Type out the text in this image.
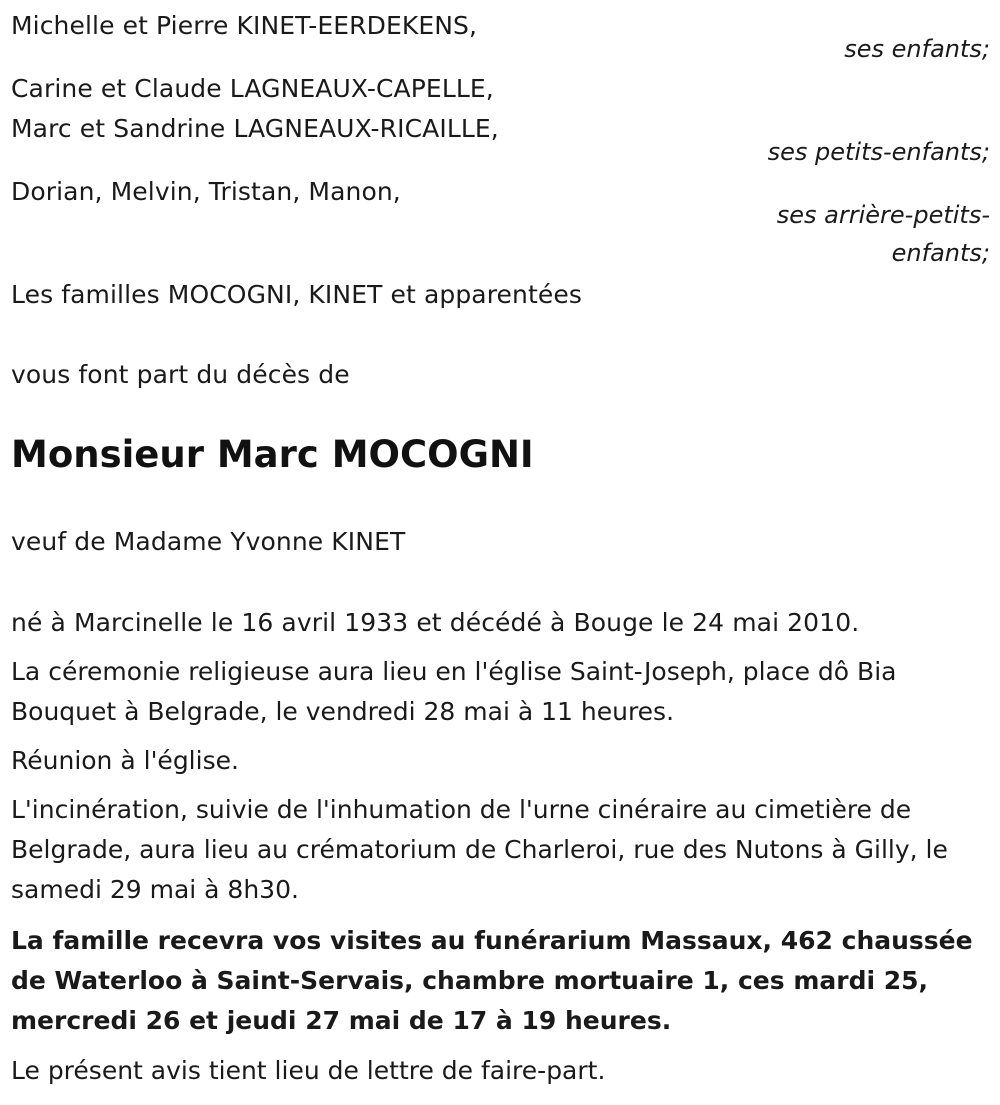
Michelle et Pierre KINET-EERDEKENS,
ses enfants;
Carine et Claude LAGNEAUX-CAPELLE,
Marc et Sandrine LAGNEAUX-RICAILLE,
ses petits-enfants;
Dorian, Melvin, Tristan, Manon,
ses arrière-petits-enfants;
Les familles MOCOGNI, KINET et apparentées
vous font part du décès de
Monsieur Marc MOCOGNI
veuf de Madame Yvonne KINET
né à Marcinelle le 16 avril 1933 et décédé à Bouge le 24 mai 2010.
La céremonie religieuse aura lieu en l'église Saint-Joseph, place dô Bia Bouquet à Belgrade, le vendredi 28 mai à 11 heures.
Réunion à l'église.
L'incinération, suivie de l'inhumation de l'urne cinéraire au cimetière de Belgrade, aura lieu au crématorium de Charleroi, rue des Nutons à Gilly, le samedi 29 mai à 8h30.
La famille recevra vos visites au funérarium Massaux, 462 chaussée de Waterloo à Saint-Servais, chambre mortuaire 1, ces mardi 25, mercredi 26 et jeudi 27 mai de 17 à 19 heures.
Le présent avis tient lieu de lettre de faire-part.
